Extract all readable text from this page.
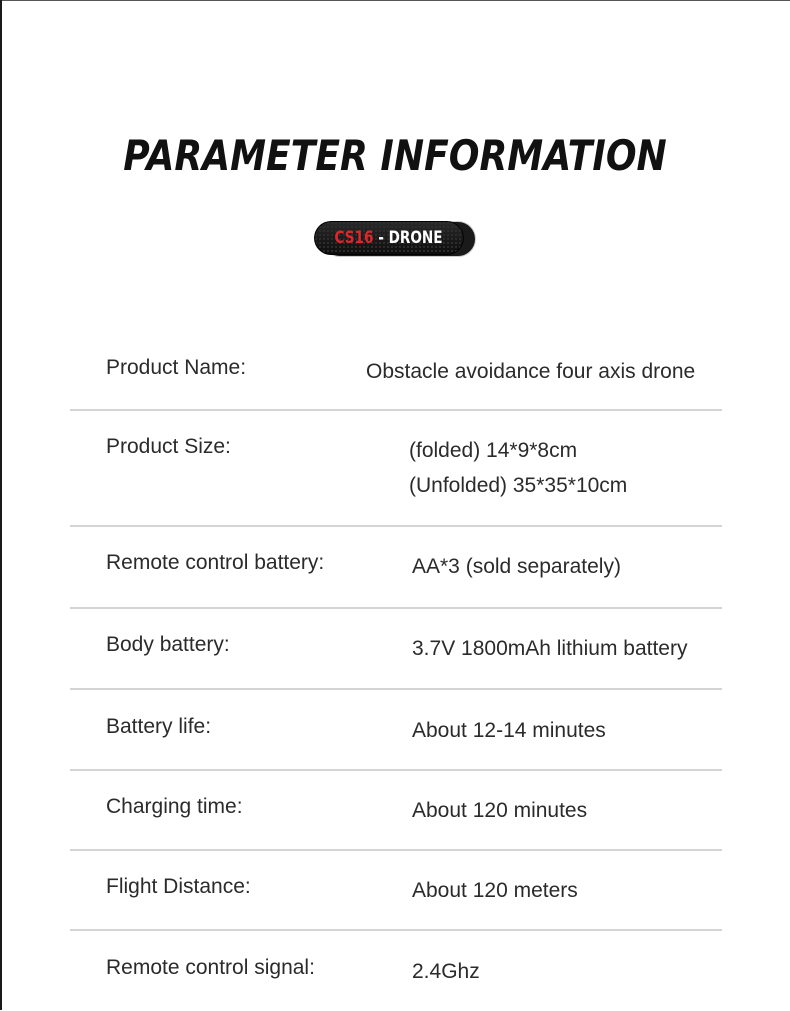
PARAMETER INFORMATION
CS16 - DRONE
Product Name:	Obstacle avoidance four axis drone
Product Size:	(folded) 14*9*8cm
(Unfolded) 35*35*10cm
Remote control battery:	AA*3 (sold separately)
Body battery:	3.7V 1800mAh lithium battery
Battery life:	About 12-14 minutes
Charging time:	About 120 minutes
Flight Distance:	About 120 meters
Remote control signal:	2.4Ghz
